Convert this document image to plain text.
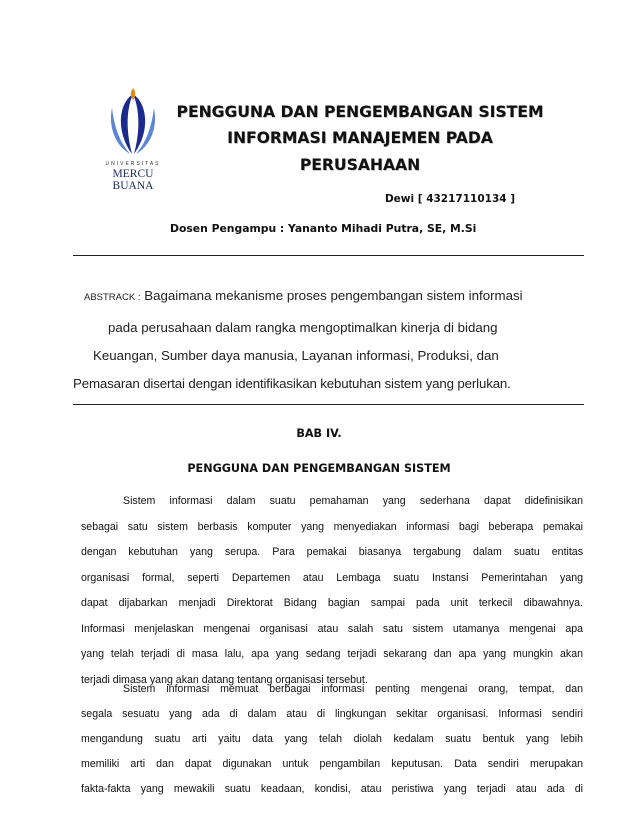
UNIVERSITAS
MERCU BUANA
PENGGUNA DAN PENGEMBANGAN SISTEM
INFORMASI MANAJEMEN PADA
PERUSAHAAN
Dewi [ 43217110134 ]
Dosen Pengampu : Yananto Mihadi Putra, SE, M.Si
ABSTRACK : Bagaimana mekanisme proses pengembangan sistem informasi
pada perusahaan dalam rangka mengoptimalkan kinerja di bidang
Keuangan, Sumber daya manusia, Layanan informasi, Produksi, dan
Pemasaran disertai dengan identifikasikan kebutuhan sistem yang perlukan.
BAB IV.
PENGGUNA DAN PENGEMBANGAN SISTEM
Sistem informasi dalam suatu pemahaman yang sederhana dapat didefinisikan
sebagai satu sistem berbasis komputer yang menyediakan informasi bagi beberapa pemakai
dengan kebutuhan yang serupa. Para pemakai biasanya tergabung dalam suatu entitas
organisasi formal, seperti Departemen atau Lembaga suatu Instansi Pemerintahan yang
dapat dijabarkan menjadi Direktorat Bidang bagian sampai pada unit terkecil dibawahnya.
Informasi menjelaskan mengenai organisasi atau salah satu sistem utamanya mengenai apa
yang telah terjadi di masa lalu, apa yang sedang terjadi sekarang dan apa yang mungkin akan
terjadi dimasa yang akan datang tentang organisasi tersebut.
Sistem informasi memuat berbagai informasi penting mengenai orang, tempat, dan
segala sesuatu yang ada di dalam atau di lingkungan sekitar organisasi. Informasi sendiri
mengandung suatu arti yaitu data yang telah diolah kedalam suatu bentuk yang lebih
memiliki arti dan dapat digunakan untuk pengambilan keputusan. Data sendiri merupakan
fakta-fakta yang mewakili suatu keadaan, kondisi, atau peristiwa yang terjadi atau ada di
